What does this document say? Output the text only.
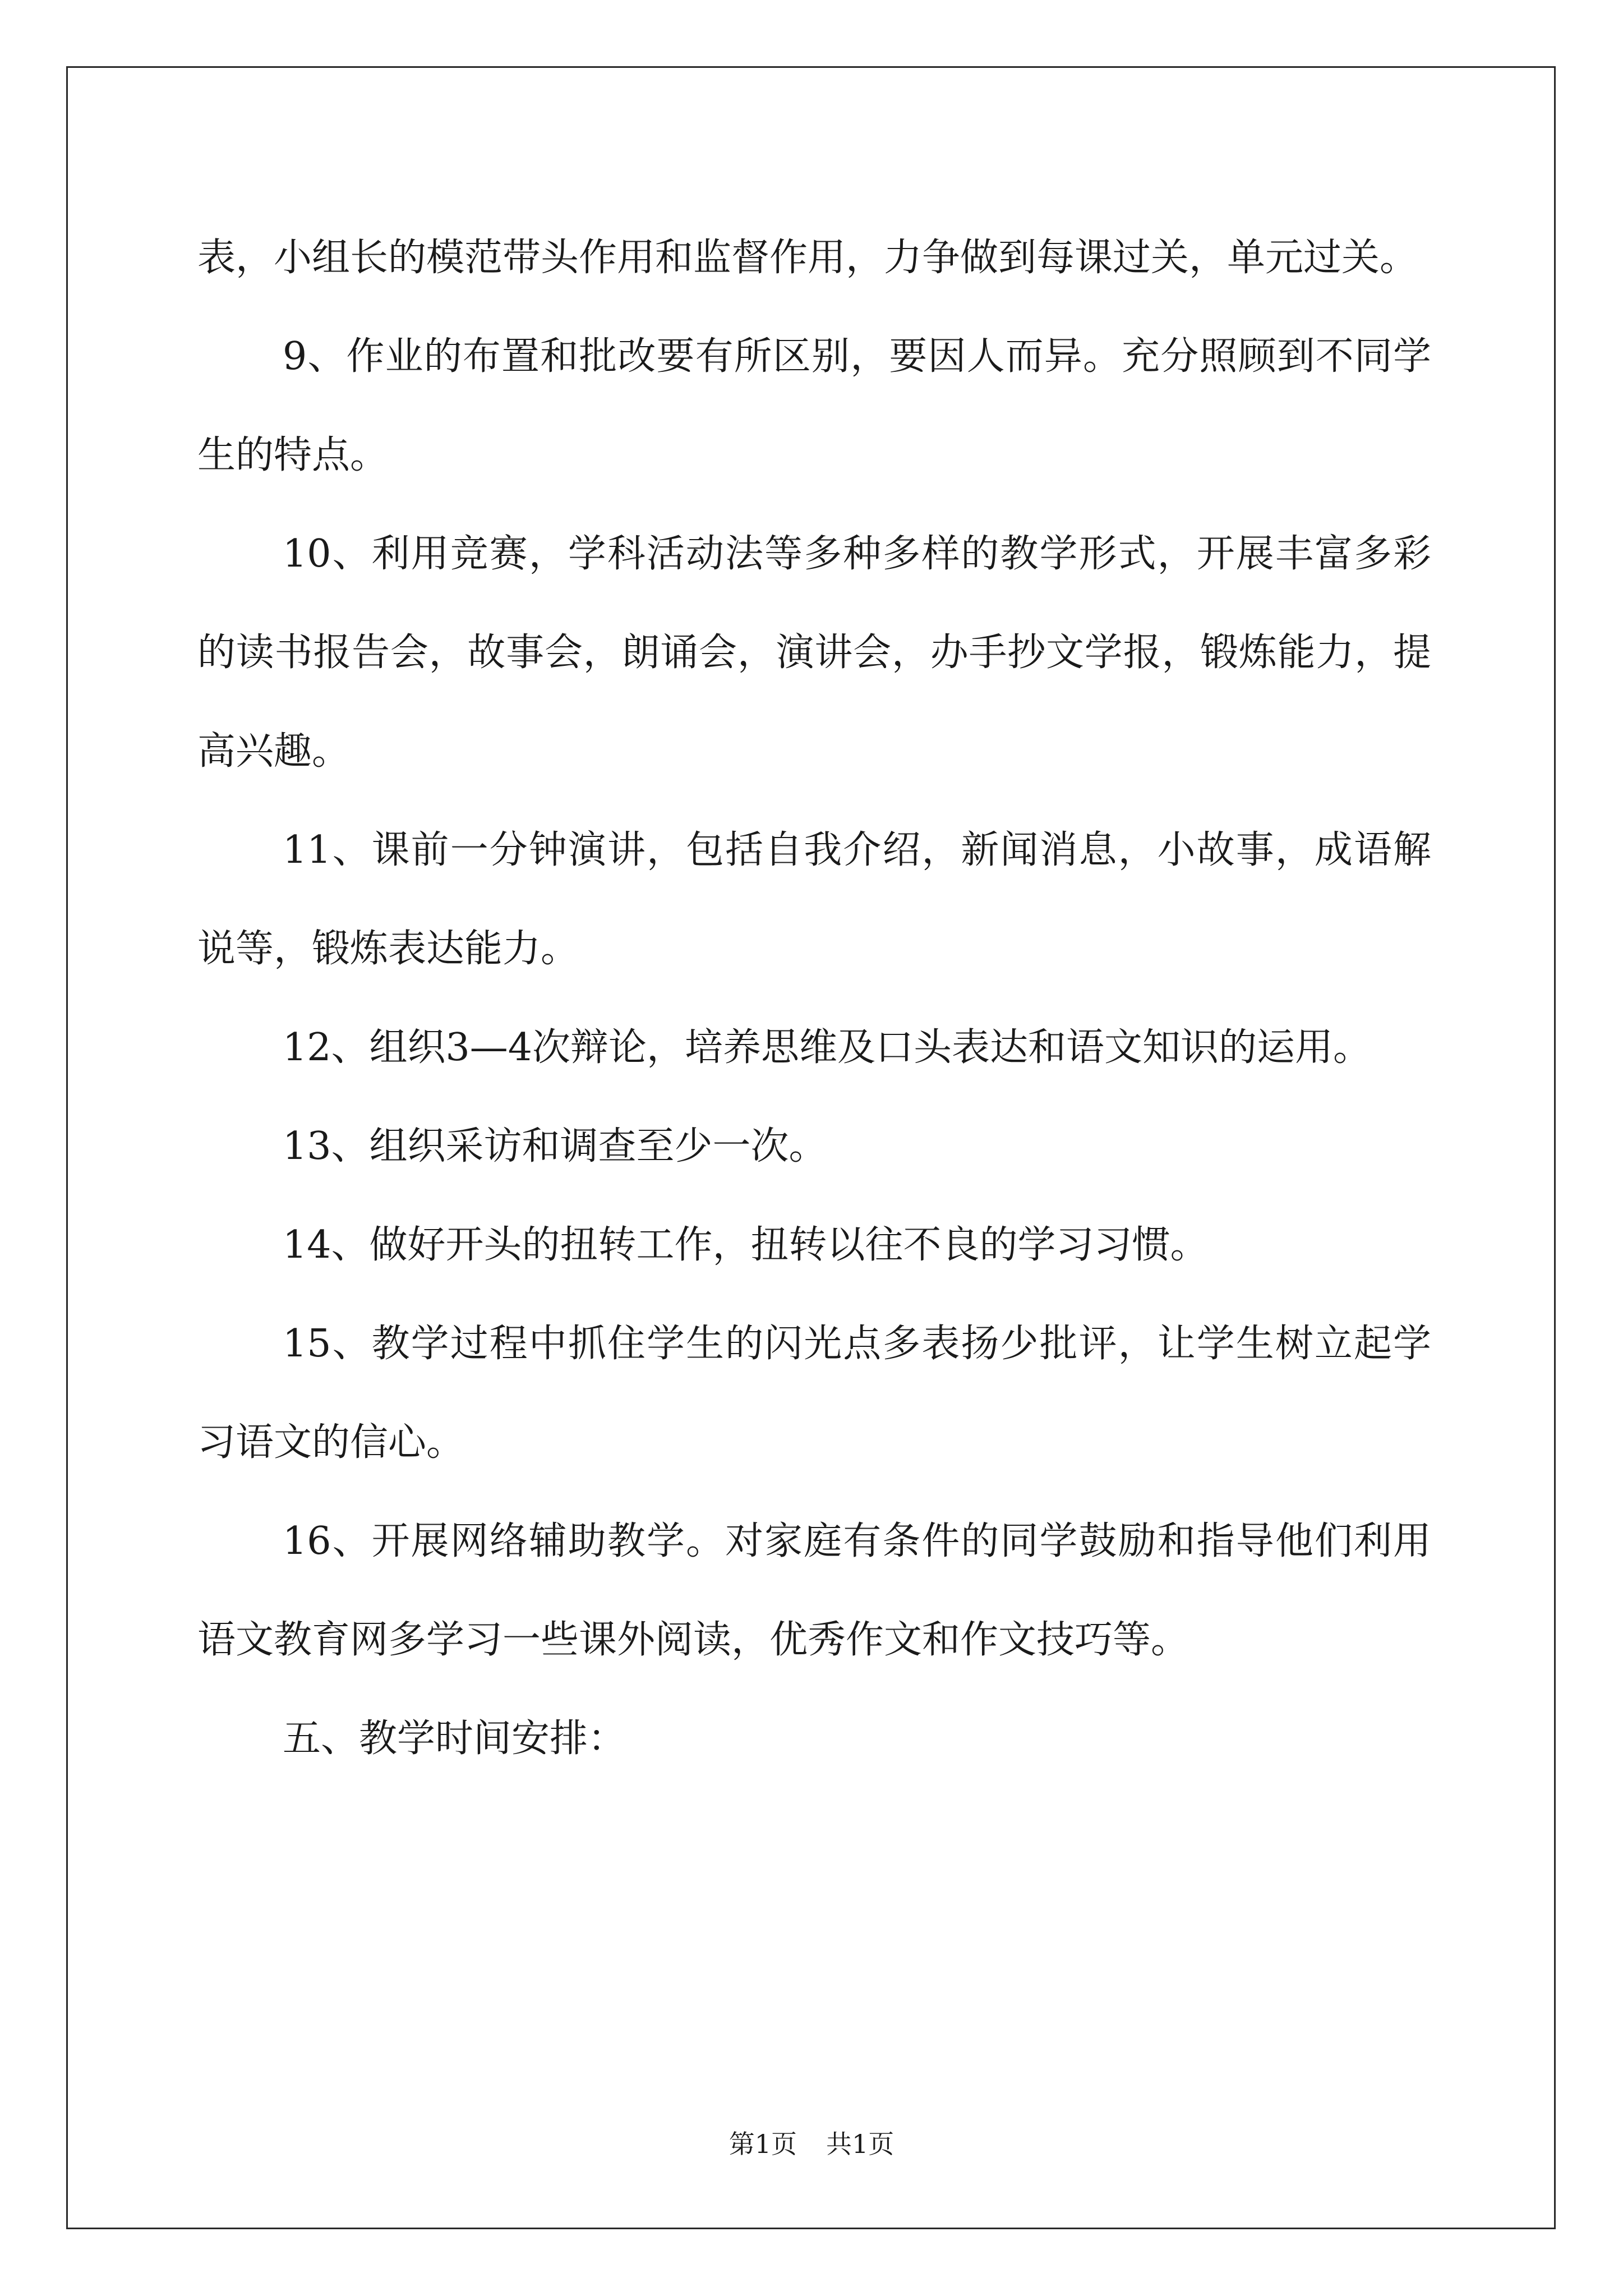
表，小组长的模范带头作用和监督作用，力争做到每课过关，单元过关。

9、作业的布置和批改要有所区别，要因人而异。充分照顾到不同学生的特点。

10、利用竞赛，学科活动法等多种多样的教学形式，开展丰富多彩的读书报告会，故事会，朗诵会，演讲会，办手抄文学报，锻炼能力，提高兴趣。

11、课前一分钟演讲，包括自我介绍，新闻消息，小故事，成语解说等，锻炼表达能力。

12、组织3—4次辩论，培养思维及口头表达和语文知识的运用。

13、组织采访和调查至少一次。

14、做好开头的扭转工作，扭转以往不良的学习习惯。

15、教学过程中抓住学生的闪光点多表扬少批评，让学生树立起学习语文的信心。

16、开展网络辅助教学。对家庭有条件的同学鼓励和指导他们利用语文教育网多学习一些课外阅读，优秀作文和作文技巧等。

五、教学时间安排：

第1页 共1页
